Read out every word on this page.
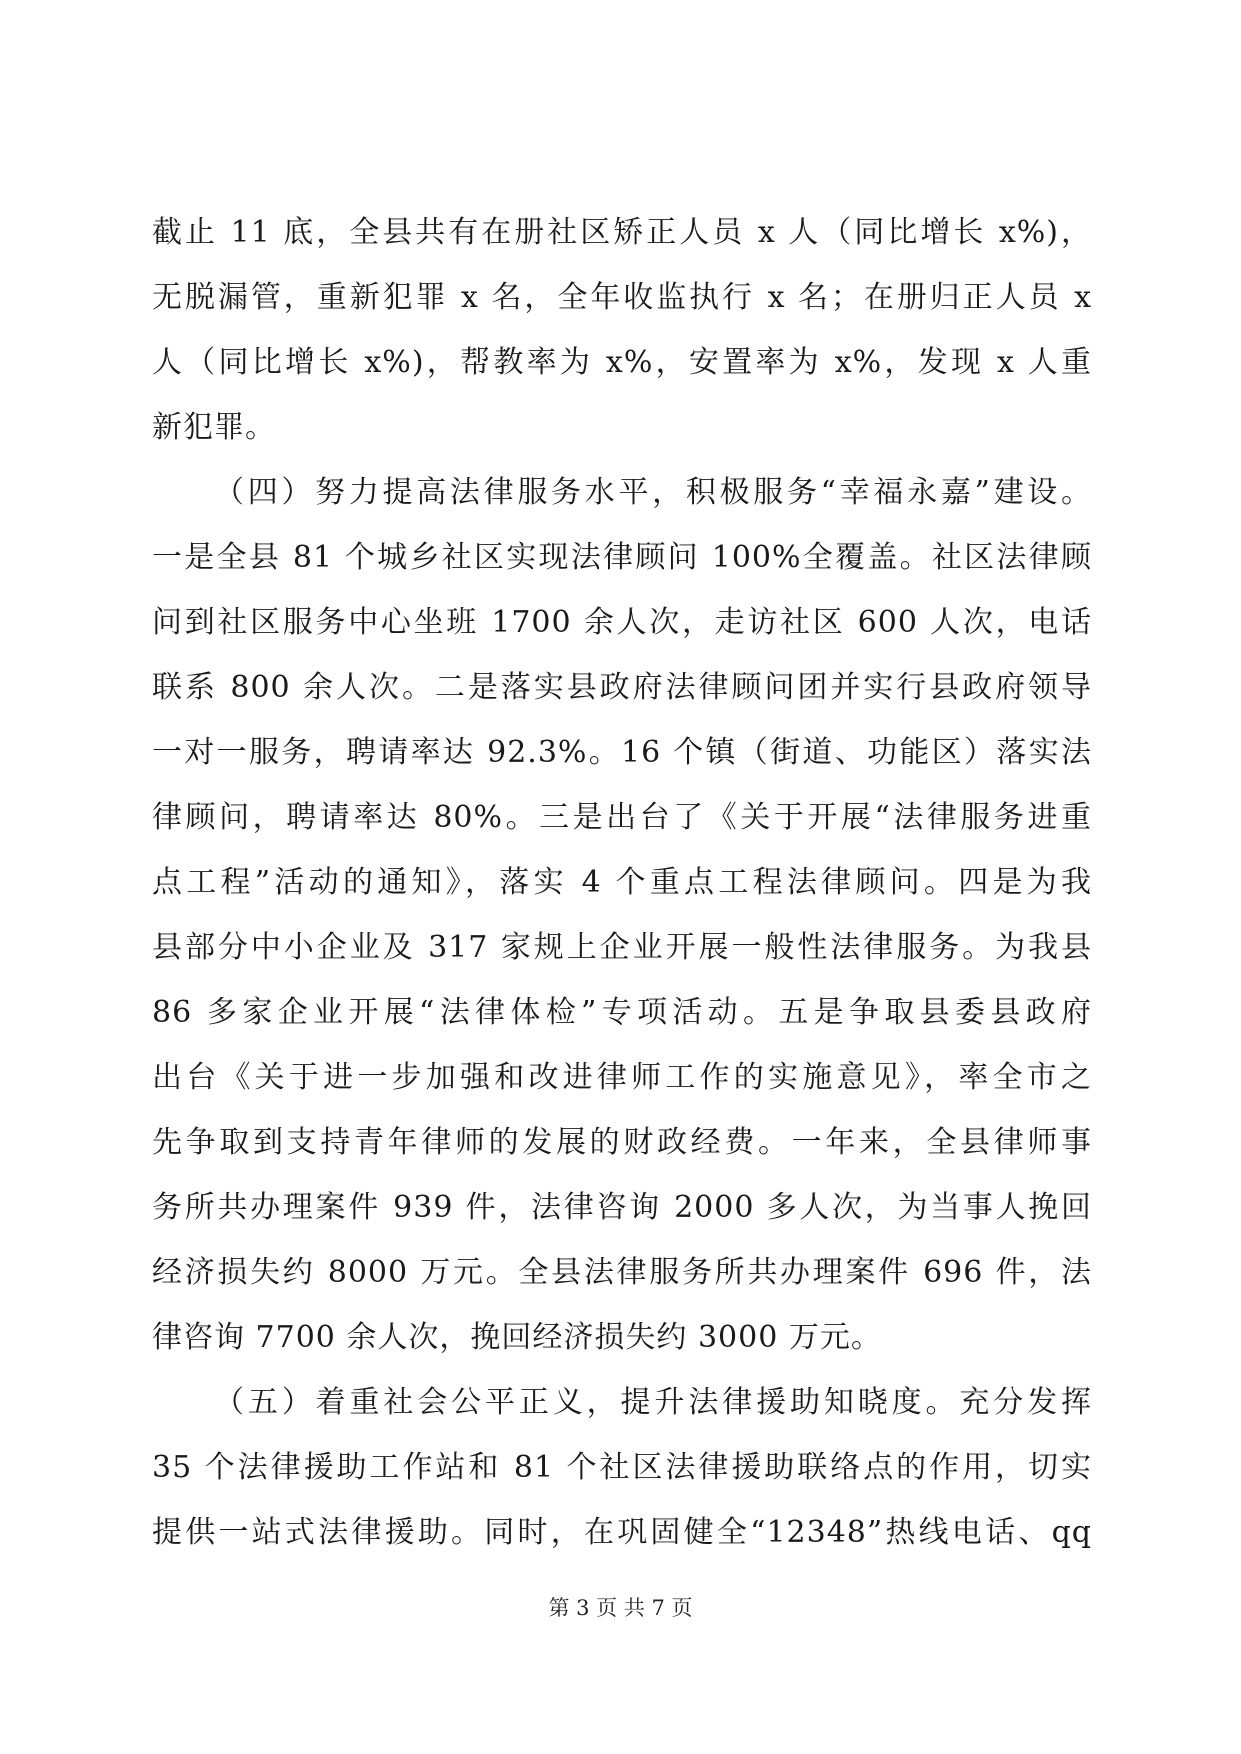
截止 11 底，全县共有在册社区矫正人员 x 人（同比增长 x%)，
无脱漏管，重新犯罪 x 名，全年收监执行 x 名；在册归正人员 x
人（同比增长 x%)，帮教率为 x%，安置率为 x%，发现 x 人重
新犯罪。
（四）努力提高法律服务水平，积极服务“幸福永嘉”建设。
一是全县 81 个城乡社区实现法律顾问 100%全覆盖。社区法律顾
问到社区服务中心坐班 1700 余人次，走访社区 600 人次，电话
联系 800 余人次。二是落实县政府法律顾问团并实行县政府领导
一对一服务，聘请率达 92.3%。16 个镇（街道、功能区）落实法
律顾问，聘请率达 80%。三是出台了《关于开展“法律服务进重
点工程”活动的通知》，落实 4 个重点工程法律顾问。四是为我
县部分中小企业及 317 家规上企业开展一般性法律服务。为我县
86 多家企业开展“法律体检”专项活动。五是争取县委县政府
出台《关于进一步加强和改进律师工作的实施意见》，率全市之
先争取到支持青年律师的发展的财政经费。一年来，全县律师事
务所共办理案件 939 件，法律咨询 2000 多人次，为当事人挽回
经济损失约 8000 万元。全县法律服务所共办理案件 696 件，法
律咨询 7700 余人次，挽回经济损失约 3000 万元。
（五）着重社会公平正义，提升法律援助知晓度。充分发挥
35 个法律援助工作站和 81 个社区法律援助联络点的作用，切实
提供一站式法律援助。同时，在巩固健全“12348”热线电话、qq
第 3 页 共 7 页
